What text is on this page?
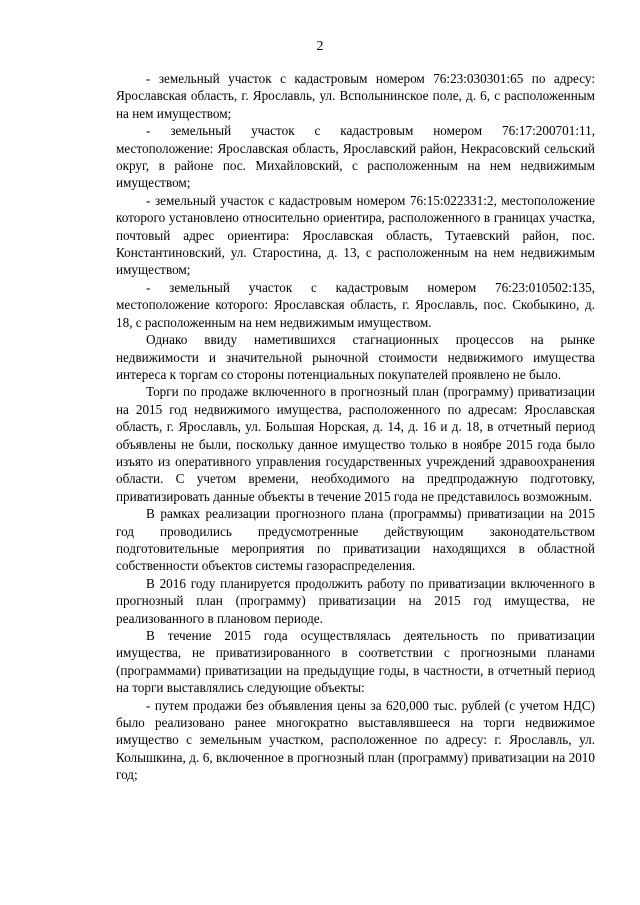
2

- земельный участок с кадастровым номером 76:23:030301:65 по адресу: Ярославская область, г. Ярославль, ул. Всполынинское поле, д. 6, с расположенным на нем имуществом;

- земельный участок с кадастровым номером 76:17:200701:11, местоположение: Ярославская область, Ярославский район, Некрасовский сельский округ, в районе пос. Михайловский, с расположенным на нем недвижимым имуществом;

- земельный участок с кадастровым номером 76:15:022331:2, местоположение которого установлено относительно ориентира, расположенного в границах участка, почтовый адрес ориентира: Ярославская область, Тутаевский район, пос. Константиновский, ул. Старостина, д. 13, с расположенным на нем недвижимым имуществом;

- земельный участок с кадастровым номером 76:23:010502:135, местоположение которого: Ярославская область, г. Ярославль, пос. Скобыкино, д. 18, с расположенным на нем недвижимым имуществом.

Однако ввиду наметившихся стагнационных процессов на рынке недвижимости и значительной рыночной стоимости недвижимого имущества интереса к торгам со стороны потенциальных покупателей проявлено не было.

Торги по продаже включенного в прогнозный план (программу) приватизации на 2015 год недвижимого имущества, расположенного по адресам: Ярославская область, г. Ярославль, ул. Большая Норская, д. 14, д. 16 и д. 18, в отчетный период объявлены не были, поскольку данное имущество только в ноябре 2015 года было изъято из оперативного управления государственных учреждений здравоохранения области. С учетом времени, необходимого на предпродажную подготовку, приватизировать данные объекты в течение 2015 года не представилось возможным.

В рамках реализации прогнозного плана (программы) приватизации на 2015 год проводились предусмотренные действующим законодательством подготовительные мероприятия по приватизации находящихся в областной собственности объектов системы газораспределения.

В 2016 году планируется продолжить работу по приватизации включенного в прогнозный план (программу) приватизации на 2015 год имущества, не реализованного в плановом периоде.

В течение 2015 года осуществлялась деятельность по приватизации имущества, не приватизированного в соответствии с прогнозными планами (программами) приватизации на предыдущие годы, в частности, в отчетный период на торги выставлялись следующие объекты:

- путем продажи без объявления цены за 620,000 тыс. рублей (с учетом НДС) было реализовано ранее многократно выставлявшееся на торги недвижимое имущество с земельным участком, расположенное по адресу: г. Ярославль, ул. Колышкина, д. 6, включенное в прогнозный план (программу) приватизации на 2010 год;
